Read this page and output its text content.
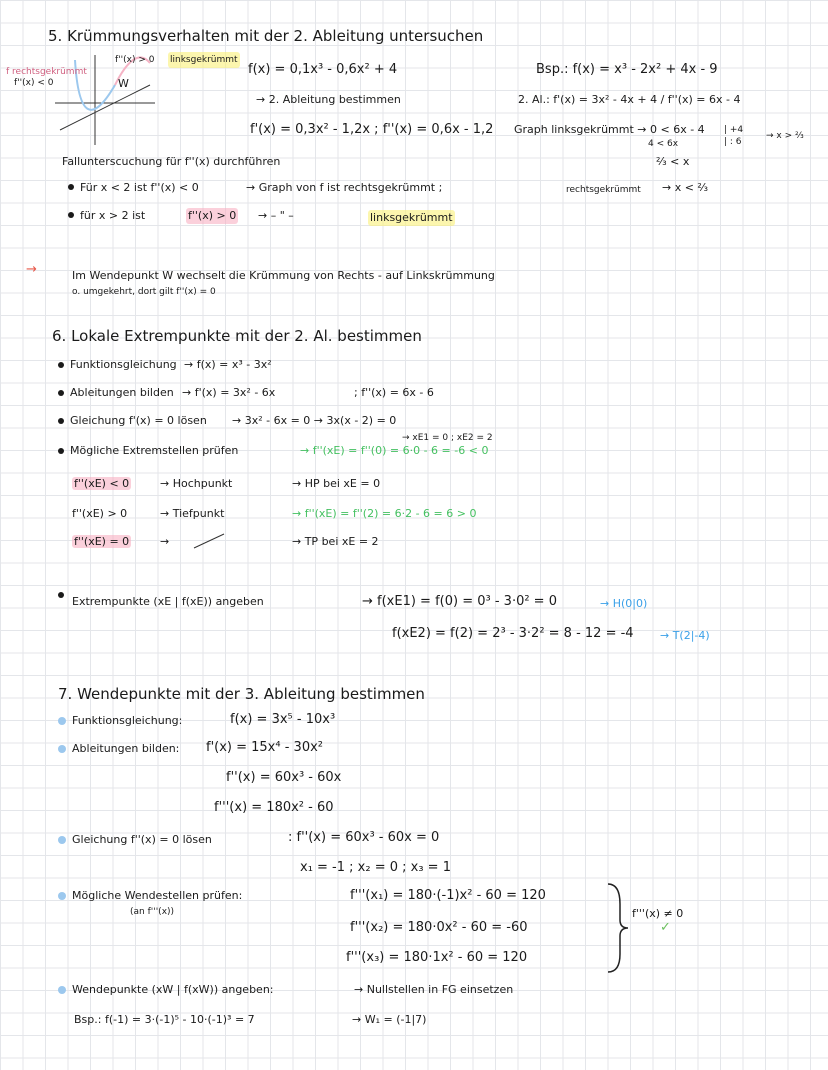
5. Krümmungsverhalten mit der 2. Ableitung untersuchen
f rechtsgekrümmt
f''(x) < 0
f''(x) > 0 linksgekrümmt
W
f(x) = 0,1x³ - 0,6x² + 4
→ 2. Ableitung bestimmen
f'(x) = 0,3x² - 1,2x ; f''(x) = 0,6x - 1,2
Fallunterscuchung für f''(x) durchführen
Für x < 2 ist f''(x) < 0	→ Graph von f ist rechtsgekrümmt ;
für x > 2 ist	f''(x) > 0 → – " –	linksgekrümmt
Bsp.: f(x) = x³ - 2x² + 4x - 9
2. Al.: f'(x) = 3x² - 4x + 4 / f''(x) = 6x - 4
Graph linksgekrümmt → 0 < 6x - 4
4 < 6x
| +4
| : 6
→ x > ⅔
⅔ < x
rechtsgekrümmt → x < ⅔
→	Im Wendepunkt W wechselt die Krümmung von Rechts - auf Linkskrümmung
o. umgekehrt, dort gilt f''(x) = 0
6. Lokale Extrempunkte mit der 2. Al. bestimmen
Funktionsgleichung → f(x) = x³ - 3x²
Ableitungen bilden → f'(x) = 3x² - 6x	; f''(x) = 6x - 6
Gleichung f'(x) = 0 lösen → 3x² - 6x = 0 → 3x(x - 2) = 0
→ xE1 = 0 ; xE2 = 2
Mögliche Extremstellen prüfen	→ f''(xE) = f''(0) = 6·0 - 6 = -6 < 0
f''(xE) < 0	→ Hochpunkt	→ HP bei xE = 0
f''(xE) > 0	→ Tiefpunkt	→ f''(xE) = f''(2) = 6·2 - 6 = 6 > 0
f''(xE) = 0	→	→ TP bei xE = 2
Extrempunkte (xE | f(xE)) angeben	→ f(xE1) = f(0) = 0³ - 3·0² = 0	→ H(0|0)
f(xE2) = f(2) = 2³ - 3·2² = 8 - 12 = -4 → T(2|-4)
7. Wendepunkte mit der 3. Ableitung bestimmen
Funktionsgleichung:	f(x) = 3x⁵ - 10x³
Ableitungen bilden: f'(x) = 15x⁴ - 30x²
f''(x) = 60x³ - 60x
f'''(x) = 180x² - 60
Gleichung f''(x) = 0 lösen	: f''(x) = 60x³ - 60x = 0
x₁ = -1 ; x₂ = 0 ; x₃ = 1
Mögliche Wendestellen prüfen:
(an f'''(x))
f'''(x₁) = 180·(-1)x² - 60 = 120
f'''(x₂) = 180·0x² - 60 = -60
f'''(x₃) = 180·1x² - 60 = 120
f'''(x) ≠ 0
✓
Wendepunkte (xW | f(xW)) angeben:	→ Nullstellen in FG einsetzen
Bsp.: f(-1) = 3·(-1)⁵ - 10·(-1)³ = 7	→ W₁ = (-1|7)
